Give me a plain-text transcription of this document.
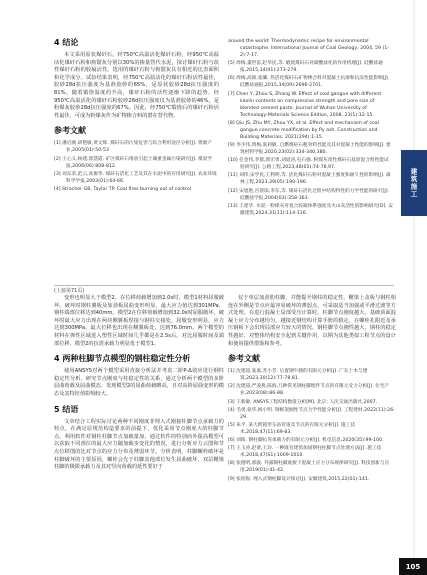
4 结论

本文采用原状煤矸石，经750℃高温活化煤矸石粉，经950℃高温活化煤矸石粉和拘馏灰分别以30%的掺量替代水泥，探讨煤矸石粉与改性煤矸石粉的胶凝活性。选用的煤矸石粉与拘馏灰具有相近的比表面积和化学成分。试验结果表明，经750℃高温活化的煤矸石粉活性最佳，胶砂28d抗压强度为基准胶砂的65%，是原状胶砂28d抗压强度的81%，随着锻烧温度的升高，煤矸石粉的活性逐渐下降的趋势，经950℃高温活化的煤矸石粉胶砂28d抗压强度仅为基准胶砂的46%，是粉煤灰胶砂28d抗压强度的67%。因此，经750℃煅烧后的煤矸石粉活性最佳，可成为粉煤灰作为矿物掺合料的潜在替代物。

参考文献
[1] 潘启刚,胡艳敏,黄文辉. 煤矸石的污染危害与综合利用途径分析[J]. 资源产业,2005(01):50-53
[2] 王心义,杨建,郭慧霞. 矿区煤矸石堆放引起土壤重金属污染研究[J]. 煤炭学报,2006(06):808-812.
[3] 刘东荣,范云,高俊华. 煤矸石活化工艺及其在水泥中的应用研究[J]. 农业环境科学学报,2003(01):64-66.
[4] Stracher GB, Taylor TP. Coal fires burning out of control
around the world: Thermodynamic recipe for environmental catastrophe. International Journal of Coal Geology, 2004, 59 (1-2):7-17.
[5] 周梅,董世雷,赵华民,等. 煅烧煤矸石对碳酸盐化的作用机理[J]. 硅酸盐通报,2015,34(01):273-279.
[6] 周梅,高锦,张璐. 热活化煤矸石矿物掺合料对混凝土抗渗和抗冻性能影响[J]. 硅酸盐通报,2015,34(09):2696-2701.
[7] Chen Y, Zhou S, Zhang W. Effect of coal gangue with different kaolin contents on compressive strength and pore size of blended cement paste. Journal of Wuhan University of Technology-Materials Science Edition, 2008, 23(1):12-15.
[8] Qiu JS, Zhu MY, Zhou YX, et al. Effect and mechanism of coal gangue concrete modification by fly ash. Construction and Building Materials, 2021(294):1-15.
[9] 李少伟,周梅,张莉敏. 自燃煤矸石粗骨料性能及其对混凝土性能的影响[J]. 建筑材料学报,2020,23(02):334-340,380.
[10] 任金伟,李群,郭宏勇,刘道涛,屯石强. 粉煤灰改性煤矸石基原混合料性能试验研究[J]. 公路工程,2023,48(01):74-78,97.
[11] 刘伟,宋学民,王利明,等. 活化煤矸石粉对混凝土强度和耐久性的影响[J]. 森林工程,2023,39(05):190-196.
[12] 宋旭艳,宫晨琛,李东,等. 煤矸石活化过程中结构特性的力学性能的研究[J]. 硅酸盐学报,2004(03):358-363.
[13] 王建华. 水泥一粉煤灰对复合胶凝体系强度及火山灰活性的影响研究[D]. 安徽建筑,2024,31(11):114-116.
建筑施工
(上接第71页)

变形也明显大于模型2。在位移荷载增加到2.0s时，模型1材料屈服破坏，破坏时钢柱翼板及加劲板屈曲变形明显，最大应力值达到301MPa，钢柱端部位移达到40mm。模型2在位移荷载增加到32.0s时屈服破坏，破坏时最大应力出现在两块侧翼板焊接与钢柱交接处，屈服变形明显，应力达到300MPa，最大位移也出现在侧翼板处，达到76.0mm。两个模型的材料在弹性区域进入塑性区域时间几乎都是在2.5s后。对比屈服时间及端部位移，模型2的抗震承载力明显优于模型1。

4 两种柱脚节点模型的钢柱稳定性分析

使用ANSYS对两个模型采用直接分析法并考虑二阶P-Δ效应进行钢柱稳定性分析，研究节点刚度与柱稳定性的关系，通过分析两个模型的多阶屈曲荷载及屈曲模态，发现模型2的屈曲荷载略高，且对高阶屈曲变形的模态及其特征值影响较大。

5 结语

文章结合工程实际讨论两种不同刚度非埋入式刚接柱脚节点承载力的特点，在满足原规范构造要求的前提下，优化采用节点刚度大的柱脚节点。利用软件对钢柱柱脚节点加载量加，通过软件的特别而外提高模型可以获取不同部位的最大应力随加载步变化的情况，进行分析应力云图和节点位移图的比对节点的应力分布及薄弱环节。分析表明，柱脚螺栓破坏是柱脚破坏的主要原因，螺栓会先于柱脚其他部位发生屈曲破坏，双层靴梁柱脚的极限承载力及其对竖向荷载的延性要好于

仅于单层加劲肋柱脚，并能提升钢柱的稳定性。靴梁上盖板与钢柱相连在外侧是节点应最容易破坏的薄弱点，可采取适当加强或平滑过渡等方式处理。在进行混凝土局部受压计算时，柱脚节点刚度越大，基础顶面混凝土应力分布越均匀，越接近钢结构计算手册的假定，在螺栓孔附近及承压钢板下会出现局部应力较大的情况。钢柱脚节点刚性越大，钢柱的稳定性越好，对整体结构安全起到关键作用，以期为其他类似工程节点的设计和使用提供借鉴和参考。

参考文献
[1] 沈建超,张康,苏小芳. 后置钢牛腿的有限元分析[J]. 广东土木与建筑,2023,30(12):77-78,81.
[2] 沈建超,严凌燕,陈海,几种常见钢柱脚埋件节点的有限元受力分析[J]. 住宅产业,2023(08):86-88.
[3] 王新敏. ANSYS工程结构数值分析[M]. 北京: 人民交通出版社,2007.
[4] 毛勇,张华,杨小明. 钢框架刚性节点力学性能分析[J]. 工程建材,2022(11):26-29.
[5] 朱平. 某大跨圆形车站管道及节点的有限元分析[J]. 施工技术,2018,47(11):69-83.
[6] 刘阳. 钢柱脚抗弯承载力的有限元分析[J]. 机电信息,2020(35):99-100.
[7] 王玉涛,赵蕾,王玲. 一种既有建筑加固钢柱柱脚节点处理方法[J]. 施工技术,2018,47(S1):1009-1010.
[8] 张德明,郭骏. 外露钢柱脚底板下混凝土应力分布规律研究[J]. 科技创新与应用,2019(01):41-42.
[9] 张绍振. 埋入式钢柱脚设计探讨[J]. 安徽建筑,2015,22(01):141.
105
